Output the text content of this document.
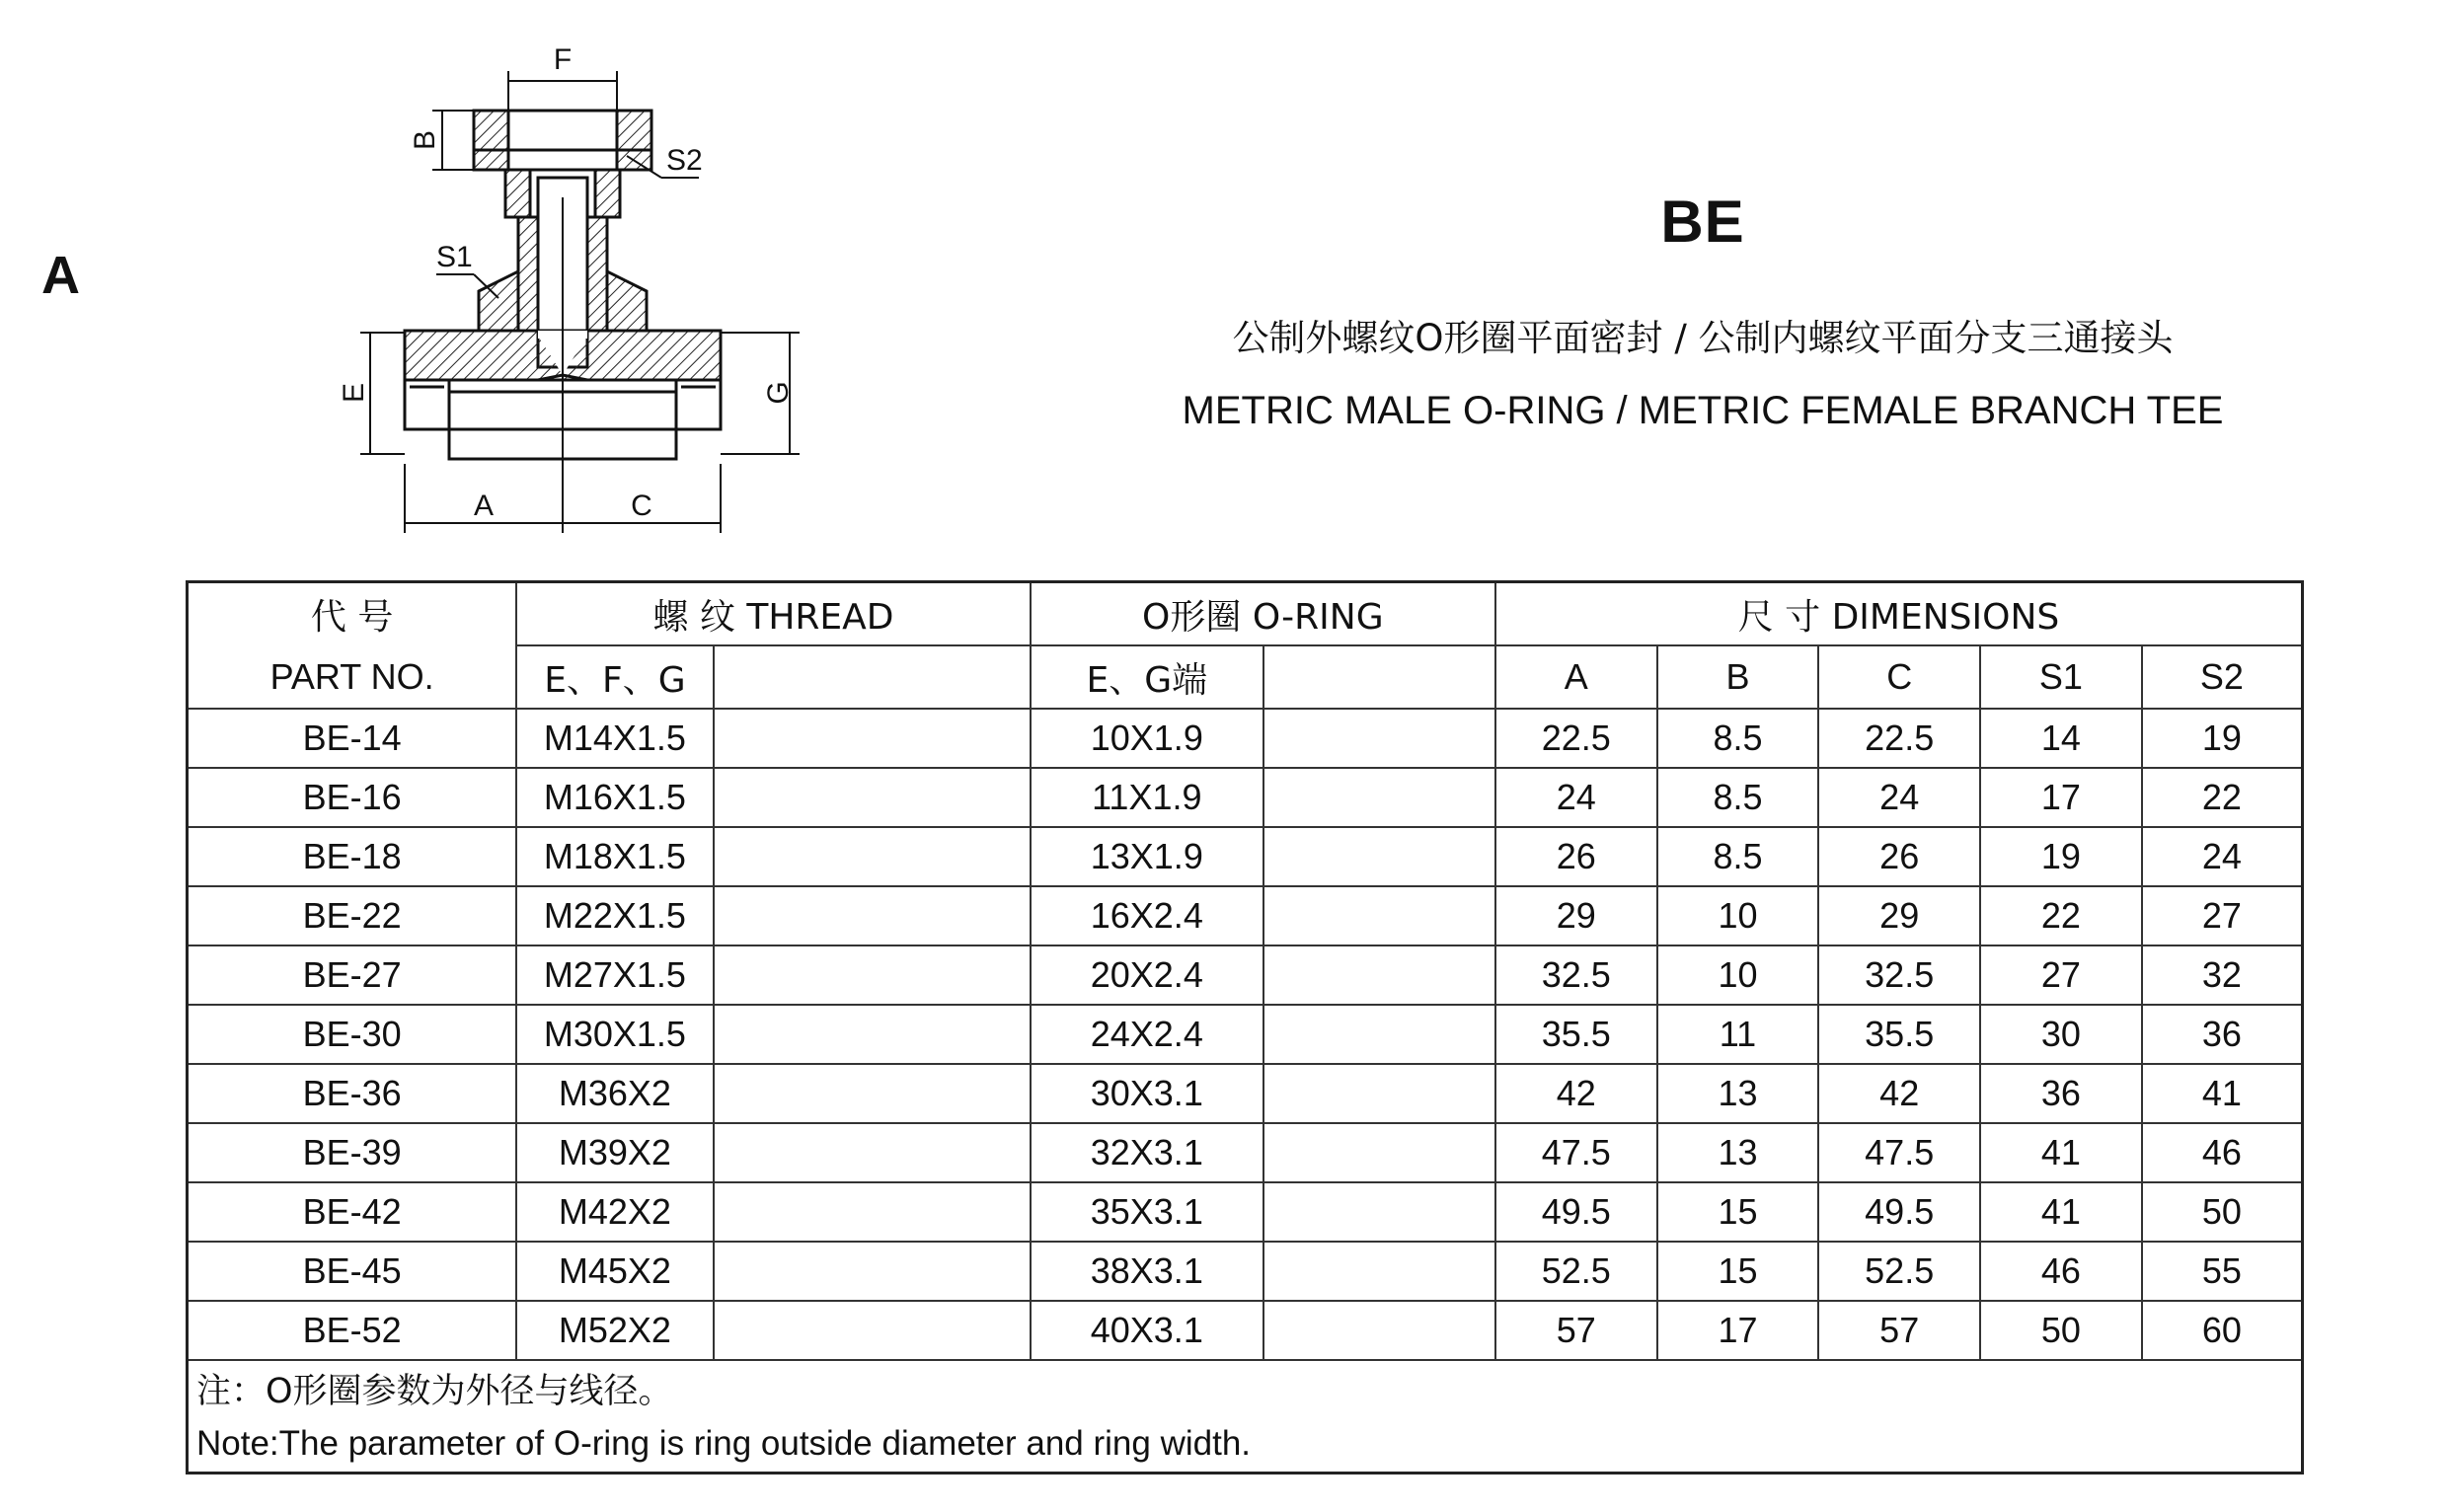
A
F
B
S2
S1
E	G
A	C
BE
公制外螺纹O形圈平面密封 / 公制内螺纹平面分支三通接头
METRIC MALE O-RING / METRIC FEMALE BRANCH TEE
代 号	螺 纹 THREAD		O形圈 O-RING		尺 寸 DIMENSIONS				
PART NO.	E、F、G		E、G端		A	B	C	S1	S2
BE-14	M14X1.5		10X1.9		22.5	8.5	22.5	14	19
BE-16	M16X1.5		11X1.9		24	8.5	24	17	22
BE-18	M18X1.5		13X1.9		26	8.5	26	19	24
BE-22	M22X1.5		16X2.4		29	10	29	22	27
BE-27	M27X1.5		20X2.4		32.5	10	32.5	27	32
BE-30	M30X1.5		24X2.4		35.5	11	35.5	30	36
BE-36	M36X2		30X3.1		42	13	42	36	41
BE-39	M39X2		32X3.1		47.5	13	47.5	41	46
BE-42	M42X2		35X3.1		49.5	15	49.5	41	50
BE-45	M45X2		38X3.1		52.5	15	52.5	46	55
BE-52	M52X2		40X3.1		57	17	57	50	60
注：O形圈参数为外径与线径。									
Note:The parameter of O-ring is ring outside diameter and ring width.									
